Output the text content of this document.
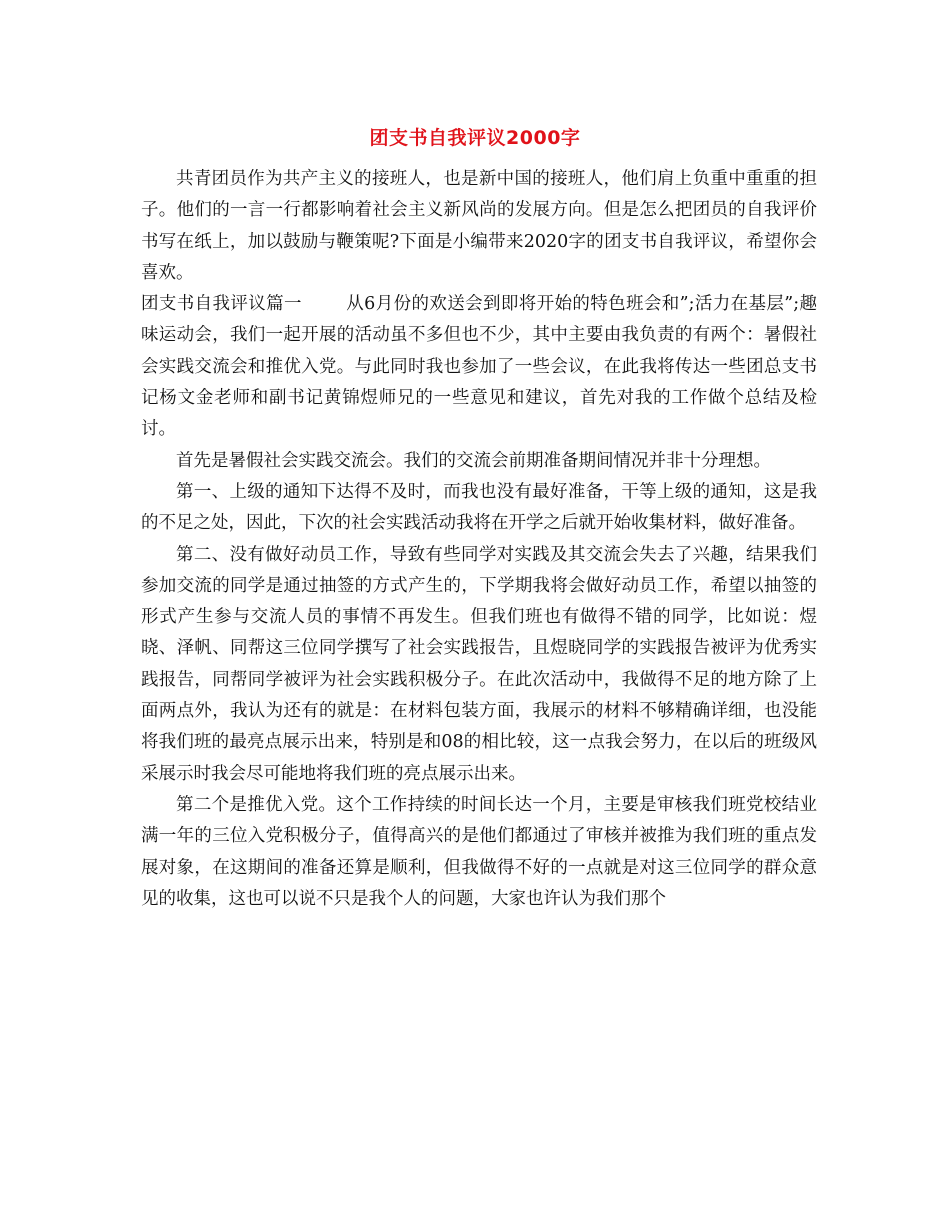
团支书自我评议2000字

共青团员作为共产主义的接班人，也是新中国的接班人，他们肩上负重中重重的担子。他们的一言一行都影响着社会主义新风尚的发展方向。但是怎么把团员的自我评价书写在纸上，加以鼓励与鞭策呢?下面是小编带来2020字的团支书自我评议，希望你会喜欢。

团支书自我评议篇一	从6月份的欢送会到即将开始的特色班会和”;活力在基层”;趣味运动会，我们一起开展的活动虽不多但也不少，其中主要由我负责的有两个：暑假社会实践交流会和推优入党。与此同时我也参加了一些会议，在此我将传达一些团总支书记杨文金老师和副书记黄锦煜师兄的一些意见和建议，首先对我的工作做个总结及检讨。

首先是暑假社会实践交流会。我们的交流会前期准备期间情况并非十分理想。

第一、上级的通知下达得不及时，而我也没有最好准备，干等上级的通知，这是我的不足之处，因此，下次的社会实践活动我将在开学之后就开始收集材料，做好准备。

第二、没有做好动员工作，导致有些同学对实践及其交流会失去了兴趣，结果我们参加交流的同学是通过抽签的方式产生的，下学期我将会做好动员工作，希望以抽签的形式产生参与交流人员的事情不再发生。但我们班也有做得不错的同学，比如说：煜晓、泽帆、同帮这三位同学撰写了社会实践报告，且煜晓同学的实践报告被评为优秀实践报告，同帮同学被评为社会实践积极分子。在此次活动中，我做得不足的地方除了上面两点外，我认为还有的就是：在材料包装方面，我展示的材料不够精确详细，也没能将我们班的最亮点展示出来，特别是和08的相比较，这一点我会努力，在以后的班级风采展示时我会尽可能地将我们班的亮点展示出来。

第二个是推优入党。这个工作持续的时间长达一个月，主要是审核我们班党校结业满一年的三位入党积极分子，值得高兴的是他们都通过了审核并被推为我们班的重点发展对象，在这期间的准备还算是顺利，但我做得不好的一点就是对这三位同学的群众意见的收集，这也可以说不只是我个人的问题，大家也许认为我们那个
